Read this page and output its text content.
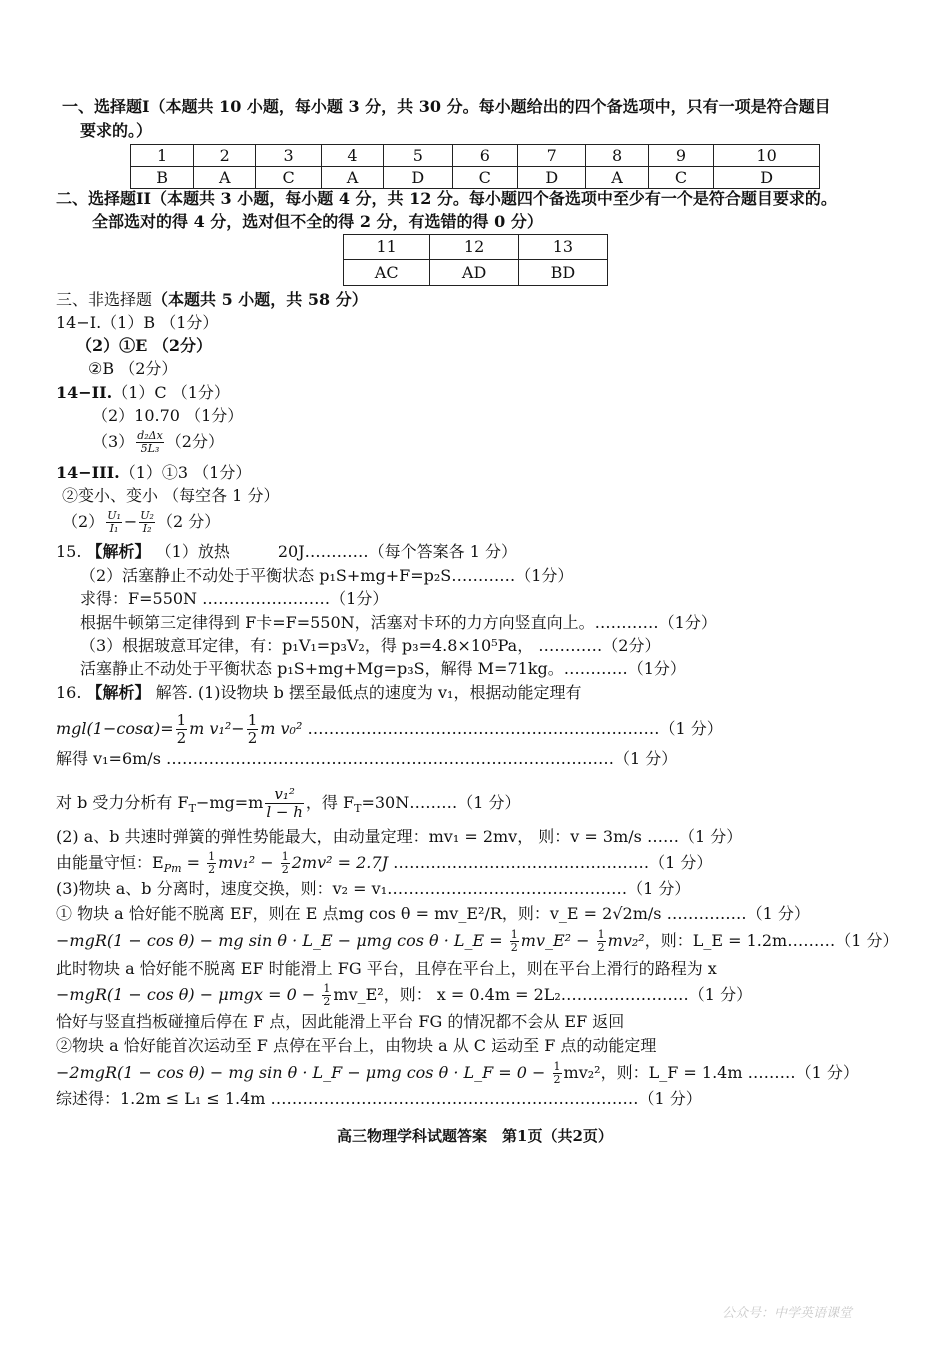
一、选择题I（本题共 10 小题，每小题 3 分，共 30 分。每小题给出的四个备选项中，只有一项是符合题目
要求的。）
1	2	3	4	5	6	7	8	9	10
B	A	C	A	D	C	D	A	C	D
二、选择题II（本题共 3 小题，每小题 4 分，共 12 分。每小题四个备选项中至少有一个是符合题目要求的。
全部选对的得 4 分，选对但不全的得 2 分，有选错的得 0 分）
11	12	13
AC	AD	BD
三、非选择题（本题共 5 小题，共 58 分）
14−I.（1）B （1分）
（2）①E （2分）
②B （2分）
14−II.（1）C （1分）
（2）10.70 （1分）
$(3) \frac{\text{d₂Δx}}{\text{5L₃}} (2$分）
14−III.（1）①3 （1分）
②变小、变小 （每空各 1 分）
$(2) \frac{\text{U₁}}{\text{I₁}} - \frac{\text{U₂}}{\text{I₂}} (2$ 分）
15. 【解析】 （1）放热　　　20J…………（每个答案各 1 分）
（2）活塞静止不动处于平衡状态 p₁S+mg+F=p₂S…………（1分）
求得：F=550N ……………………（1分）
根据牛顿第三定律得到 F卡=F=550N，活塞对卡环的力方向竖直向上。…………（1分）
（3）根据玻意耳定律，有：p₁V₁=p₃V₂，得 p₃=4.8×10⁵Pa， …………（2分）
活塞静止不动处于平衡状态 p₁S+mg+Mg=p₃S，解得 M=71kg。…………（1分）
16. 【解析】 解答. (1)设物块 b 摆至最低点的速度为 v₁，根据动能定理有
$mgl(1-\cos\alpha)= \frac{1}{2}$ m $v_1^2- \frac{1}{2}$ m v₀² …………………………………………………………（1 分）
解得 v₁=6m/s …………………………………………………………………………（1 分）
对 b 受力分析有 $F_T-mg=m \frac{\text{v₁²}}{l - h}$ ，得 $F_T=30N\dots\dots\dots(1$ 分）
(2) a、b 共速时弹簧的弹性势能最大，由动量定理：mv₁ = 2mv， 则：v = 3m/s ……（1 分）
由能量守恒：$E_{Pm} = \frac{1}{2} mv_1^2 - \frac{1}{2} 2mv^2 = 2.7J$ …………………………………………（1 分）
(3)物块 a、b 分离时，速度交换，则：v₂ = v₁………………………………………（1 分）
① 物块 a 恰好能不脱离 EF，则在 E 点mg cos θ = mv_E²/R，则：v_E = 2√2m/s ……………（1 分）
−mgR(1 − cos θ) − mg sin θ · L_E − μmg cos θ · L_E = $\frac{1}{2}$ mv_E² − $\frac{1}{2} mv_2^2$，则：L_E = 1.2m………（1 分）
此时物块 a 恰好能不脱离 EF 时能滑上 FG 平台，且停在平台上，则在平台上滑行的路程为 x
$-mgR(1 - \cos \theta) - \mu mgx = 0 - \frac{1}{2}$ mv_E²，则： x = 0.4m = 2L₂……………………（1 分）
恰好与竖直挡板碰撞后停在 F 点，因此能滑上平台 FG 的情况都不会从 EF 返回
②物块 a 恰好能首次运动至 F 点停在平台上，由物块 a 从 C 运动至 F 点的动能定理
−2mgR(1 − cos θ) − mg sin θ · L_F − μmg cos θ · L_F = $0 - \frac{1}{2} mv_2^2$，则：L_F = 1.4m ………（1 分）
综述得：1.2m ≤ L₁ ≤ 1.4m ……………………………………………………………（1 分）
高三物理学科试题答案　第1页（共2页）
公众号：中学英语课堂
